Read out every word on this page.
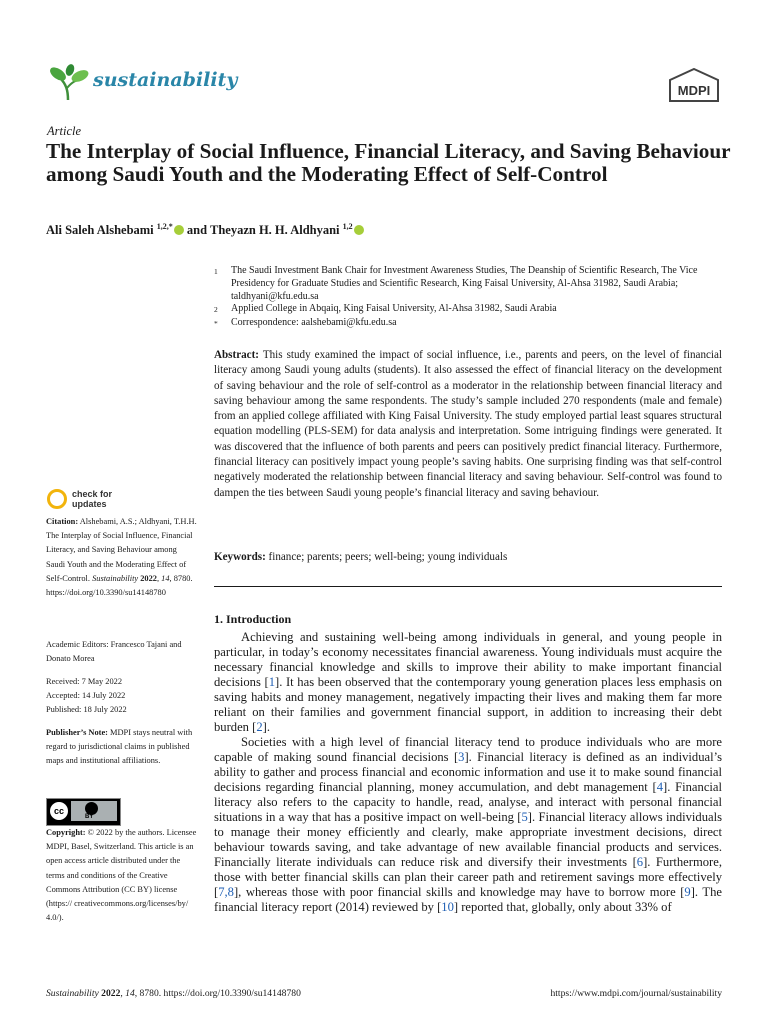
sustainability	MDPI
Article
The Interplay of Social Influence, Financial Literacy, and Saving Behaviour among Saudi Youth and the Moderating Effect of Self-Control
Ali Saleh Alshebami $^{1,2,*}$ and Theyazn H. H. Aldhyani $^{1,2}$
1	The Saudi Investment Bank Chair for Investment Awareness Studies, The Deanship of Scientific Research, The Vice Presidency for Graduate Studies and Scientific Research, King Faisal University, Al-Ahsa 31982, Saudi Arabia; taldhyani@kfu.edu.sa
2	Applied College in Abqaiq, King Faisal University, Al-Ahsa 31982, Saudi Arabia
*	Correspondence: aalshebami@kfu.edu.sa

Abstract: This study examined the impact of social influence, i.e., parents and peers, on the level of financial literacy among Saudi young adults (students). It also assessed the effect of financial literacy on the development of saving behaviour and the role of self-control as a moderator in the relationship between financial literacy and saving behaviour among the same respondents. The study’s sample included 270 respondents (male and female) from an applied college affiliated with King Faisal University. The study employed partial least squares structural equation modelling (PLS-SEM) for data analysis and interpretation. Some intriguing findings were generated. It was discovered that the influence of both parents and peers can positively predict financial literacy. Furthermore, financial literacy can positively impact young people’s saving habits. One surprising finding was that self-control negatively moderated the relationship between financial literacy and saving behaviour. Self-control was found to dampen the ties between Saudi young people’s financial literacy and saving behaviour.

Keywords: finance; parents; peers; well-being; young individuals

check for
updates
Citation: Alshebami, A.S.; Aldhyani, T.H.H. The Interplay of Social Influence, Financial Literacy, and Saving Behaviour among Saudi Youth and the Moderating Effect of Self-Control. Sustainability 2022, 14, 8780. https://doi.org/10.3390/su14148780
Academic Editors: Francesco Tajani and Donato Morea
Received: 7 May 2022
Accepted: 14 July 2022
Published: 18 July 2022
Publisher’s Note: MDPI stays neutral with regard to jurisdictional claims in published maps and institutional affiliations.
cc
BY
Copyright: © 2022 by the authors. Licensee MDPI, Basel, Switzerland. This article is an open access article distributed under the terms and conditions of the Creative Commons Attribution (CC BY) license (https:// creativecommons.org/licenses/by/ 4.0/).
1. Introduction

Achieving and sustaining well-being among individuals in general, and young people in particular, in today’s economy necessitates financial awareness. Young individuals must acquire the necessary financial knowledge and skills to improve their ability to make important financial decisions [1]. It has been observed that the contemporary young generation places less emphasis on saving habits and money management, negatively impacting their lives and making them far more reliant on their families and government financial support, in addition to increasing their debt burden [2].

Societies with a high level of financial literacy tend to produce individuals who are more capable of making sound financial decisions [3]. Financial literacy is defined as an individual’s ability to gather and process financial and economic information and use it to make sound financial decisions regarding financial planning, money accumulation, and debt management [4]. Financial literacy also refers to the capacity to handle, read, analyse, and interact with personal financial situations in a way that has a positive impact on well-being [5]. Financial literacy allows individuals to manage their money efficiently and clearly, make appropriate investment decisions, direct behaviour towards saving, and take advantage of new available financial products and services. Financially literate individuals can reduce risk and diversify their investments [6]. Furthermore, those with better financial skills can plan their career path and retirement savings more effectively [7,8], whereas those with poor financial skills and knowledge may have to borrow more [9]. The financial literacy report (2014) reviewed by [10] reported that, globally, only about 33% of

Sustainability 2022, 14, 8780. https://doi.org/10.3390/su14148780	https://www.mdpi.com/journal/sustainability
